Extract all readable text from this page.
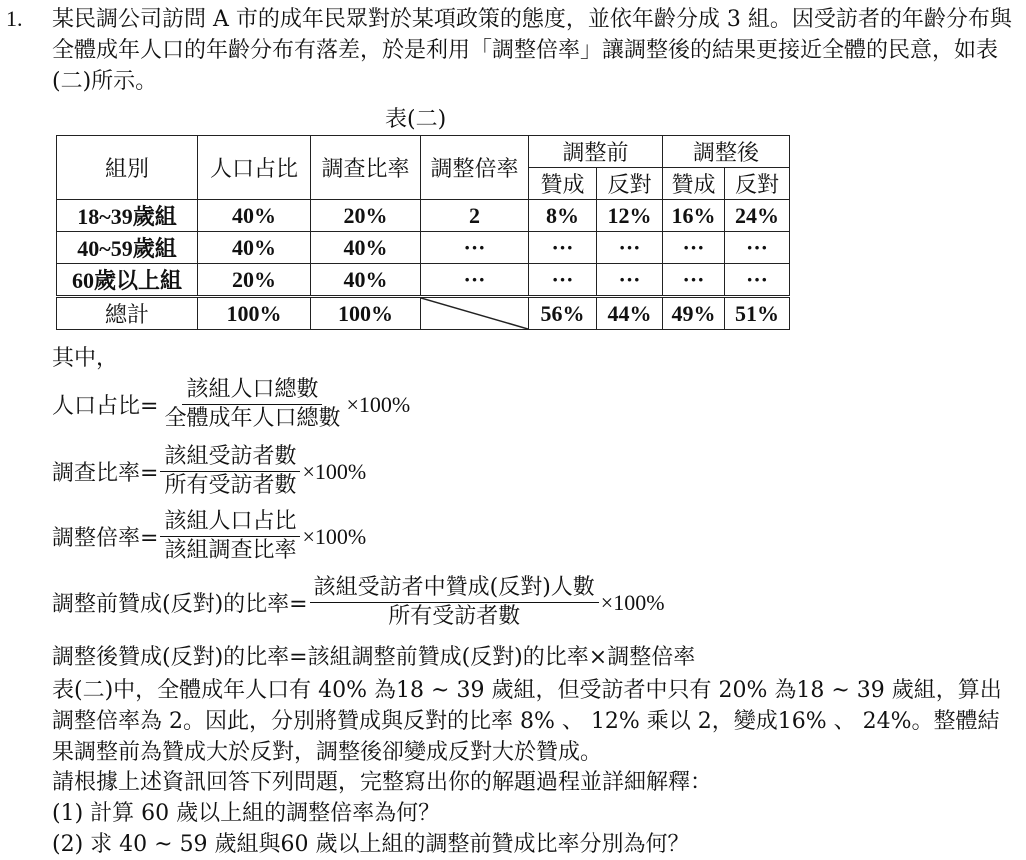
1. 某民調公司訪問 A 市的成年民眾對於某項政策的態度，並依年齡分成 3 組。因受訪者的年齡分布與全體成年人口的年齡分布有落差，於是利用「調整倍率」讓調整後的結果更接近全體的民意，如表(二)所示。
表(二)
組別	人口占比	調查比率	調整倍率	調整前		調整後	
				贊成	反對	贊成	反對
18~39歲組	40%	20%	2	8%	12%	16%	24%
40~59歲組	40%	40%	···	···	···	···	···
60歲以上組	20%	40%	···	···	···	···	···
總計	100%	100%		56%	44%	49%	51%
其中，
人口占比= $\frac{\text{該組人口總數}}{\text{全體成年人口總數}} \times 100\%$
調查比率= $\frac{\text{該組受訪者數}}{\text{所有受訪者數}} \times 100\%$
調整倍率= $\frac{\text{該組人口占比}}{\text{該組調查比率}} \times 100\%$
調整前贊成(反對)的比率= $\frac{\text{該組受訪者中贊成(反對)人數}}{\text{所有受訪者數}} \times 100\%$
調整後贊成(反對)的比率=該組調整前贊成(反對)的比率×調整倍率
表(二)中，全體成年人口有 40% 為18 ~ 39 歲組，但受訪者中只有 20% 為18 ~ 39 歲組，算出調整倍率為 2。因此，分別將贊成與反對的比率 8% 、 12% 乘以 2，變成16% 、 24%。整體結果調整前為贊成大於反對，調整後卻變成反對大於贊成。
請根據上述資訊回答下列問題，完整寫出你的解題過程並詳細解釋：
(1) 計算 60 歲以上組的調整倍率為何？
(2) 求 40 ~ 59 歲組與60 歲以上組的調整前贊成比率分別為何？
